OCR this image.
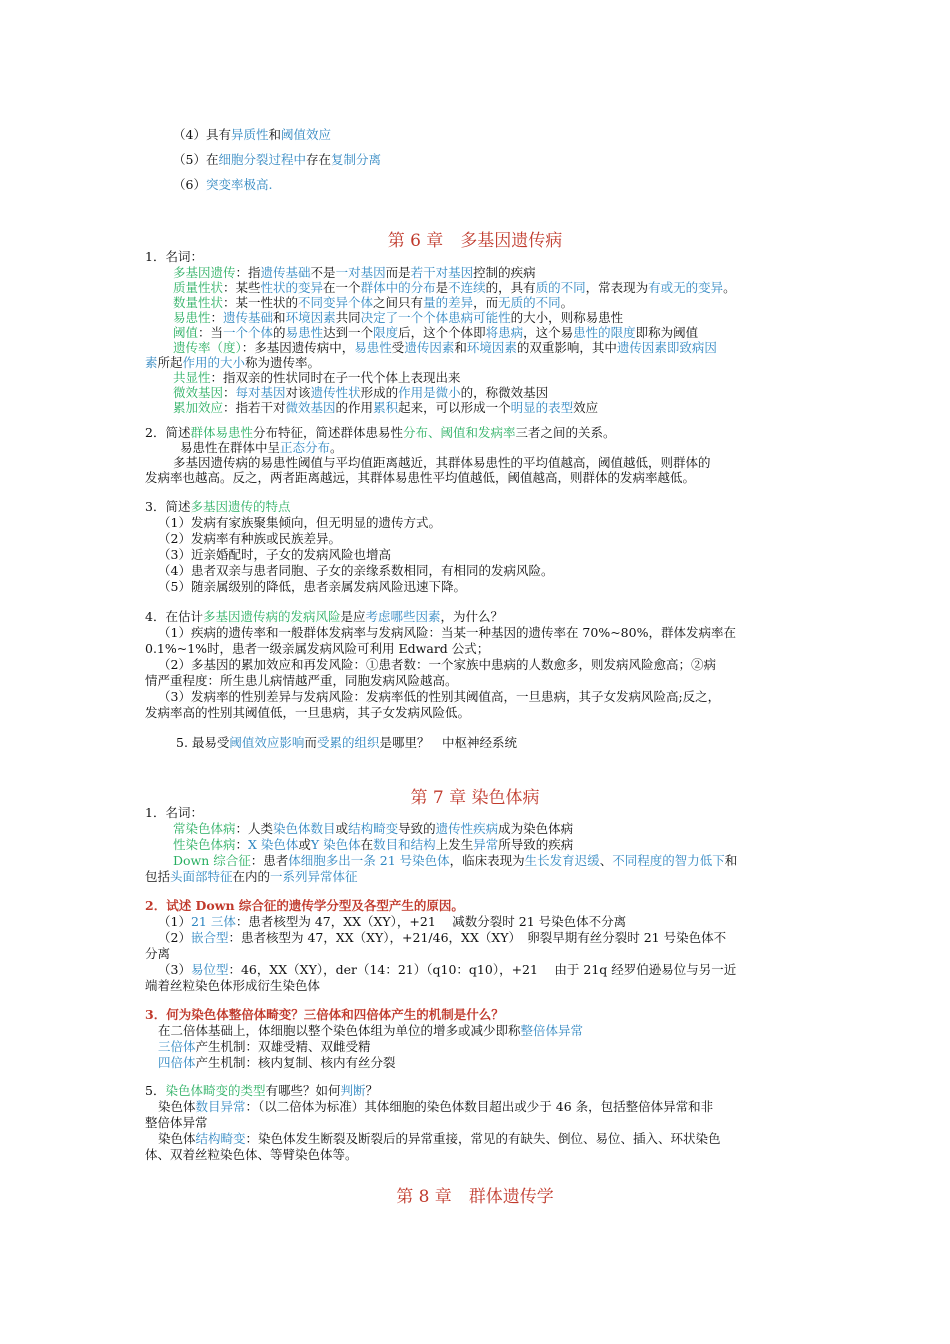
（4）具有异质性和阈值效应
（5）在细胞分裂过程中存在复制分离
（6）突变率极高.
第 6 章　多基因遗传病
1．名词：
多基因遗传：指遗传基础不是一对基因而是若干对基因控制的疾病
质量性状：某些性状的变异在一个群体中的分布是不连续的，具有质的不同，常表现为有或无的变异。
数量性状：某一性状的不同变异个体之间只有量的差异，而无质的不同。
易患性：遗传基础和环境因素共同决定了一个个体患病可能性的大小，则称易患性
阈值：当一个个体的易患性达到一个限度后，这个个体即将患病，这个易患性的限度即称为阈值
遗传率（度）：多基因遗传病中，易患性受遗传因素和环境因素的双重影响，其中遗传因素即致病因
素所起作用的大小称为遗传率。
共显性：指双亲的性状同时在子一代个体上表现出来
微效基因：每对基因对该遗传性状形成的作用是微小的，称微效基因
累加效应：指若干对微效基因的作用累积起来，可以形成一个明显的表型效应
2．简述群体易患性分布特征，简述群体患易性分布、阈值和发病率三者之间的关系。
易患性在群体中呈正态分布。
多基因遗传病的易患性阈值与平均值距离越近，其群体易患性的平均值越高，阈值越低，则群体的
发病率也越高。反之，两者距离越远，其群体易患性平均值越低，阈值越高，则群体的发病率越低。
3．简述多基因遗传的特点
（1）发病有家族聚集倾向，但无明显的遗传方式。
（2）发病率有种族或民族差异。
（3）近亲婚配时，子女的发病风险也增高
（4）患者双亲与患者同胞、子女的亲缘系数相同，有相同的发病风险。
（5）随亲属级别的降低，患者亲属发病风险迅速下降。
4．在估计多基因遗传病的发病风险是应考虑哪些因素，为什么？
（1）疾病的遗传率和一般群体发病率与发病风险：当某一种基因的遗传率在 70%~80%，群体发病率在
0.1%~1%时，患者一级亲属发病风险可利用 Edward 公式；
（2）多基因的累加效应和再发风险：①患者数：一个家族中患病的人数愈多，则发病风险愈高；②病
情严重程度：所生患儿病情越严重，同胞发病风险越高。
（3）发病率的性别差异与发病风险：发病率低的性别其阈值高，一旦患病，其子女发病风险高;反之，
发病率高的性别其阈值低，一旦患病，其子女发病风险低。
5. 最易受阈值效应影响而受累的组织是哪里？　中枢神经系统
第 7 章 染色体病
1．名词：
常染色体病：人类染色体数目或结构畸变导致的遗传性疾病成为染色体病
性染色体病：X 染色体或Y 染色体在数目和结构上发生异常所导致的疾病
Down 综合征：患者体细胞多出一条 21 号染色体，临床表现为生长发育迟缓、不同程度的智力低下和
包括头面部特征在内的一系列异常体征
2．试述 Down 综合征的遗传学分型及各型产生的原因。
（1）21 三体：患者核型为 47，XX（XY），+21　 减数分裂时 21 号染色体不分离
（2）嵌合型：患者核型为 47，XX（XY），+21/46，XX（XY）　卵裂早期有丝分裂时 21 号染色体不
分离
（3）易位型：46，XX（XY），der（14：21）（q10：q10），+21　 由于 21q 经罗伯逊易位与另一近
端着丝粒染色体形成衍生染色体
3．何为染色体整倍体畸变？三倍体和四倍体产生的机制是什么？
在二倍体基础上，体细胞以整个染色体组为单位的增多或减少即称整倍体异常
三倍体产生机制：双雄受精、双雌受精
四倍体产生机制：核内复制、核内有丝分裂
5．染色体畸变的类型有哪些？如何判断？
染色体数目异常：（以二倍体为标准）其体细胞的染色体数目超出或少于 46 条，包括整倍体异常和非
整倍体异常
染色体结构畸变：染色体发生断裂及断裂后的异常重接，常见的有缺失、倒位、易位、插入、环状染色
体、双着丝粒染色体、等臂染色体等。
第 8 章　群体遗传学
